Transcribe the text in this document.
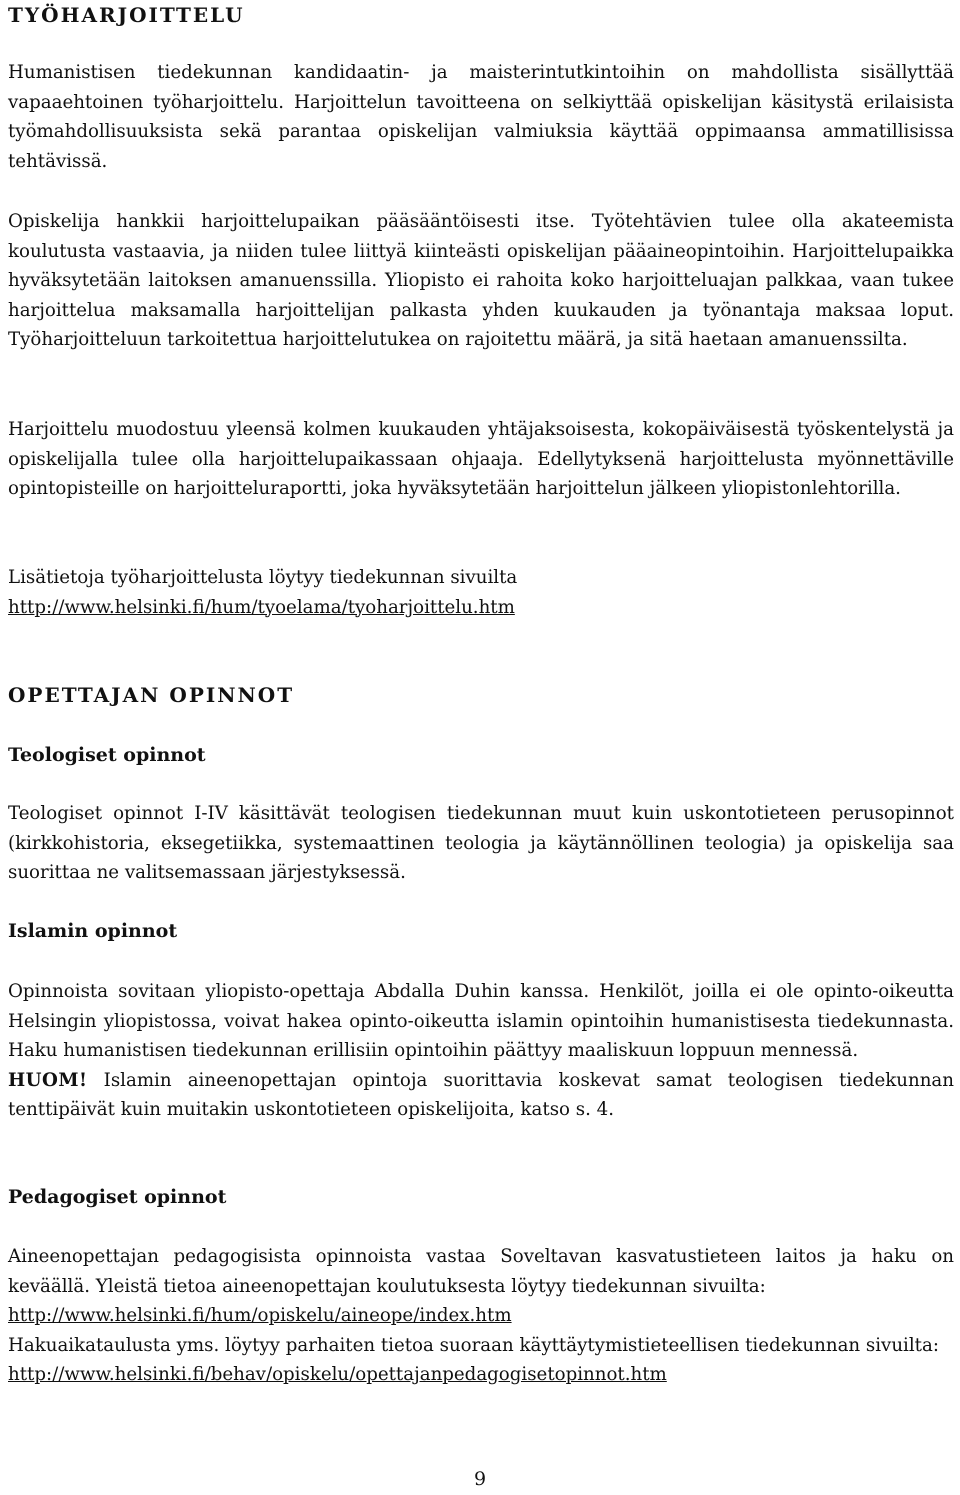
TYÖHARJOITTELU

Humanistisen tiedekunnan kandidaatin- ja maisterintutkintoihin on mahdollista sisällyttää vapaaehtoinen työharjoittelu. Harjoittelun tavoitteena on selkiyttää opiskelijan käsitystä erilaisista työmahdollisuuksista sekä parantaa opiskelijan valmiuksia käyttää oppimaansa ammatillisissa tehtävissä.

Opiskelija hankkii harjoittelupaikan pääsääntöisesti itse. Työtehtävien tulee olla akateemista koulutusta vastaavia, ja niiden tulee liittyä kiinteästi opiskelijan pääaineopintoihin. Harjoittelupaikka hyväksytetään laitoksen amanuenssilla. Yliopisto ei rahoita koko harjoitteluajan palkkaa, vaan tukee harjoittelua maksamalla harjoittelijan palkasta yhden kuukauden ja työnantaja maksaa loput. Työharjoitteluun tarkoitettua harjoittelutukea on rajoitettu määrä, ja sitä haetaan amanuenssilta.

Harjoittelu muodostuu yleensä kolmen kuukauden yhtäjaksoisesta, kokopäiväisestä työskentelystä ja opiskelijalla tulee olla harjoittelupaikassaan ohjaaja. Edellytyksenä harjoittelusta myönnettäville opintopisteille on harjoitteluraportti, joka hyväksytetään harjoittelun jälkeen yliopistonlehtorilla.

Lisätietoja työharjoittelusta löytyy tiedekunnan sivuilta

http://www.helsinki.fi/hum/tyoelama/tyoharjoittelu.htm

OPETTAJAN OPINNOT
Teologiset opinnot

Teologiset opinnot I-IV käsittävät teologisen tiedekunnan muut kuin uskontotieteen perusopinnot (kirkkohistoria, eksegetiikka, systemaattinen teologia ja käytännöllinen teologia) ja opiskelija saa suorittaa ne valitsemassaan järjestyksessä.

Islamin opinnot

Opinnoista sovitaan yliopisto-opettaja Abdalla Duhin kanssa. Henkilöt, joilla ei ole opinto-oikeutta Helsingin yliopistossa, voivat hakea opinto-oikeutta islamin opintoihin humanistisesta tiedekunnasta. Haku humanistisen tiedekunnan erillisiin opintoihin päättyy maaliskuun loppuun mennessä.

HUOM! Islamin aineenopettajan opintoja suorittavia koskevat samat teologisen tiedekunnan tenttipäivät kuin muitakin uskontotieteen opiskelijoita, katso s. 4.

Pedagogiset opinnot

Aineenopettajan pedagogisista opinnoista vastaa Soveltavan kasvatustieteen laitos ja haku on keväällä. Yleistä tietoa aineenopettajan koulutuksesta löytyy tiedekunnan sivuilta:

http://www.helsinki.fi/hum/opiskelu/aineope/index.htm

Hakuaikataulusta yms. löytyy parhaiten tietoa suoraan käyttäytymistieteellisen tiedekunnan sivuilta:

http://www.helsinki.fi/behav/opiskelu/opettajanpedagogisetopinnot.htm

9
